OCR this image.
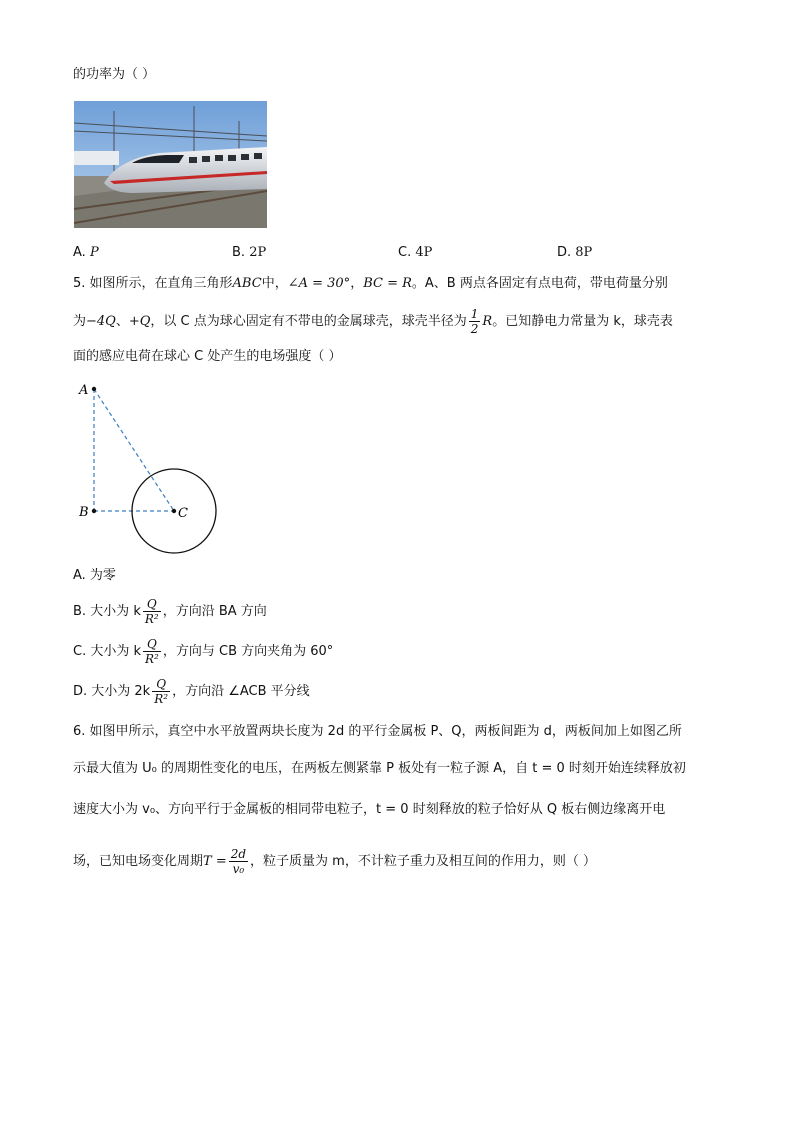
的功率为（ ）
A. P	B. 2P	C. 4P	D. 8P
5. 如图所示，在直角三角形ABC中，∠A = 30°，BC = R。A、B 两点各固定有点电荷，带电荷量分别
为−4Q、+Q，以 C 点为球心固定有不带电的金属球壳，球壳半径为 $\frac{1}{2}$ R。已知静电力常量为 k，球壳表
面的感应电荷在球心 C 处产生的电场强度（ ）
A
B	C
A. 为零
B. 大小为 k $\frac{Q}{\text{R²}}$ ，方向沿 BA 方向
C. 大小为 k $\frac{Q}{\text{R²}}$ ，方向与 CB 方向夹角为 60°
D. 大小为 $2k \frac{Q}{\text{R²}}$ ，方向沿 ∠ACB 平分线
6. 如图甲所示，真空中水平放置两块长度为 2d 的平行金属板 P、Q，两板间距为 d，两板间加上如图乙所
示最大值为 U₀ 的周期性变化的电压，在两板左侧紧靠 P 板处有一粒子源 A，自 t = 0 时刻开始连续释放初
速度大小为 v₀、方向平行于金属板的相同带电粒子，t = 0 时刻释放的粒子恰好从 Q 板右侧边缘离开电
场，已知电场变化周期$T = \frac{2d}{\text{v₀}}$ ，粒子质量为 m，不计粒子重力及相互间的作用力，则（ ）
